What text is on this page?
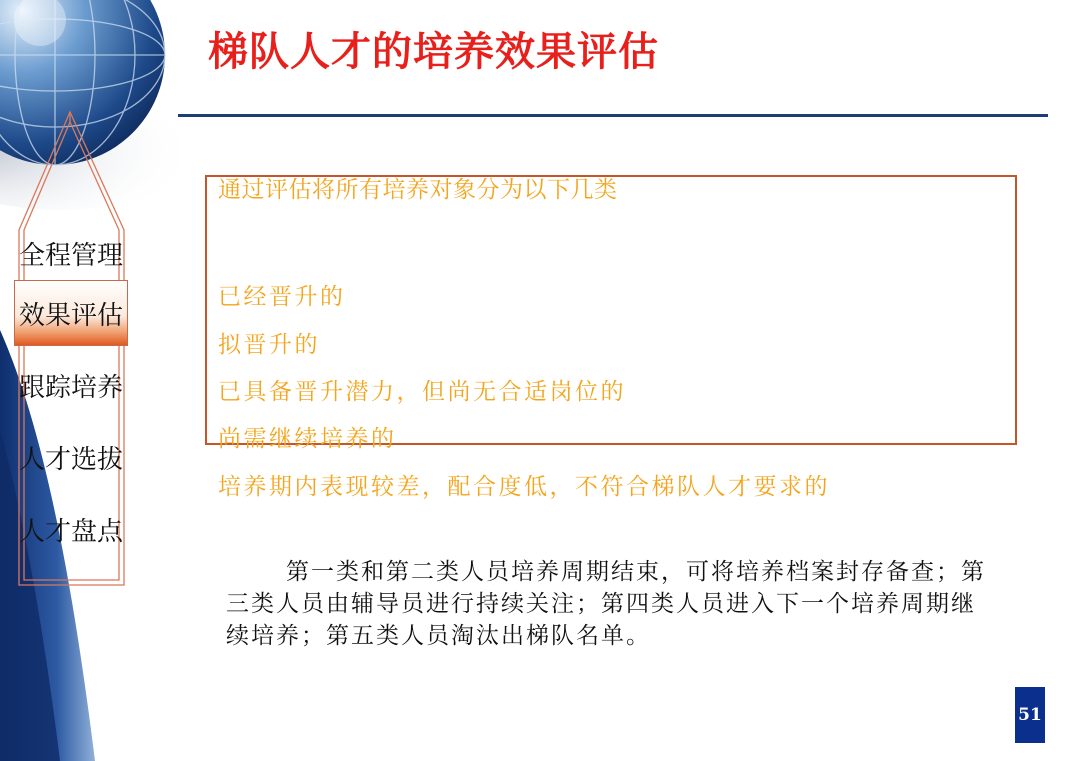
梯队人才的培养效果评估
全程管理
效果评估
跟踪培养
人才选拔
人才盘点
通过评估将所有培养对象分为以下几类
已经晋升的
拟晋升的
已具备晋升潜力，但尚无合适岗位的
尚需继续培养的
培养期内表现较差，配合度低，不符合梯队人才要求的
第一类和第二类人员培养周期结束，可将培养档案封存备查；第三类人员由辅导员进行持续关注；第四类人员进入下一个培养周期继续培养；第五类人员淘汰出梯队名单。
51
